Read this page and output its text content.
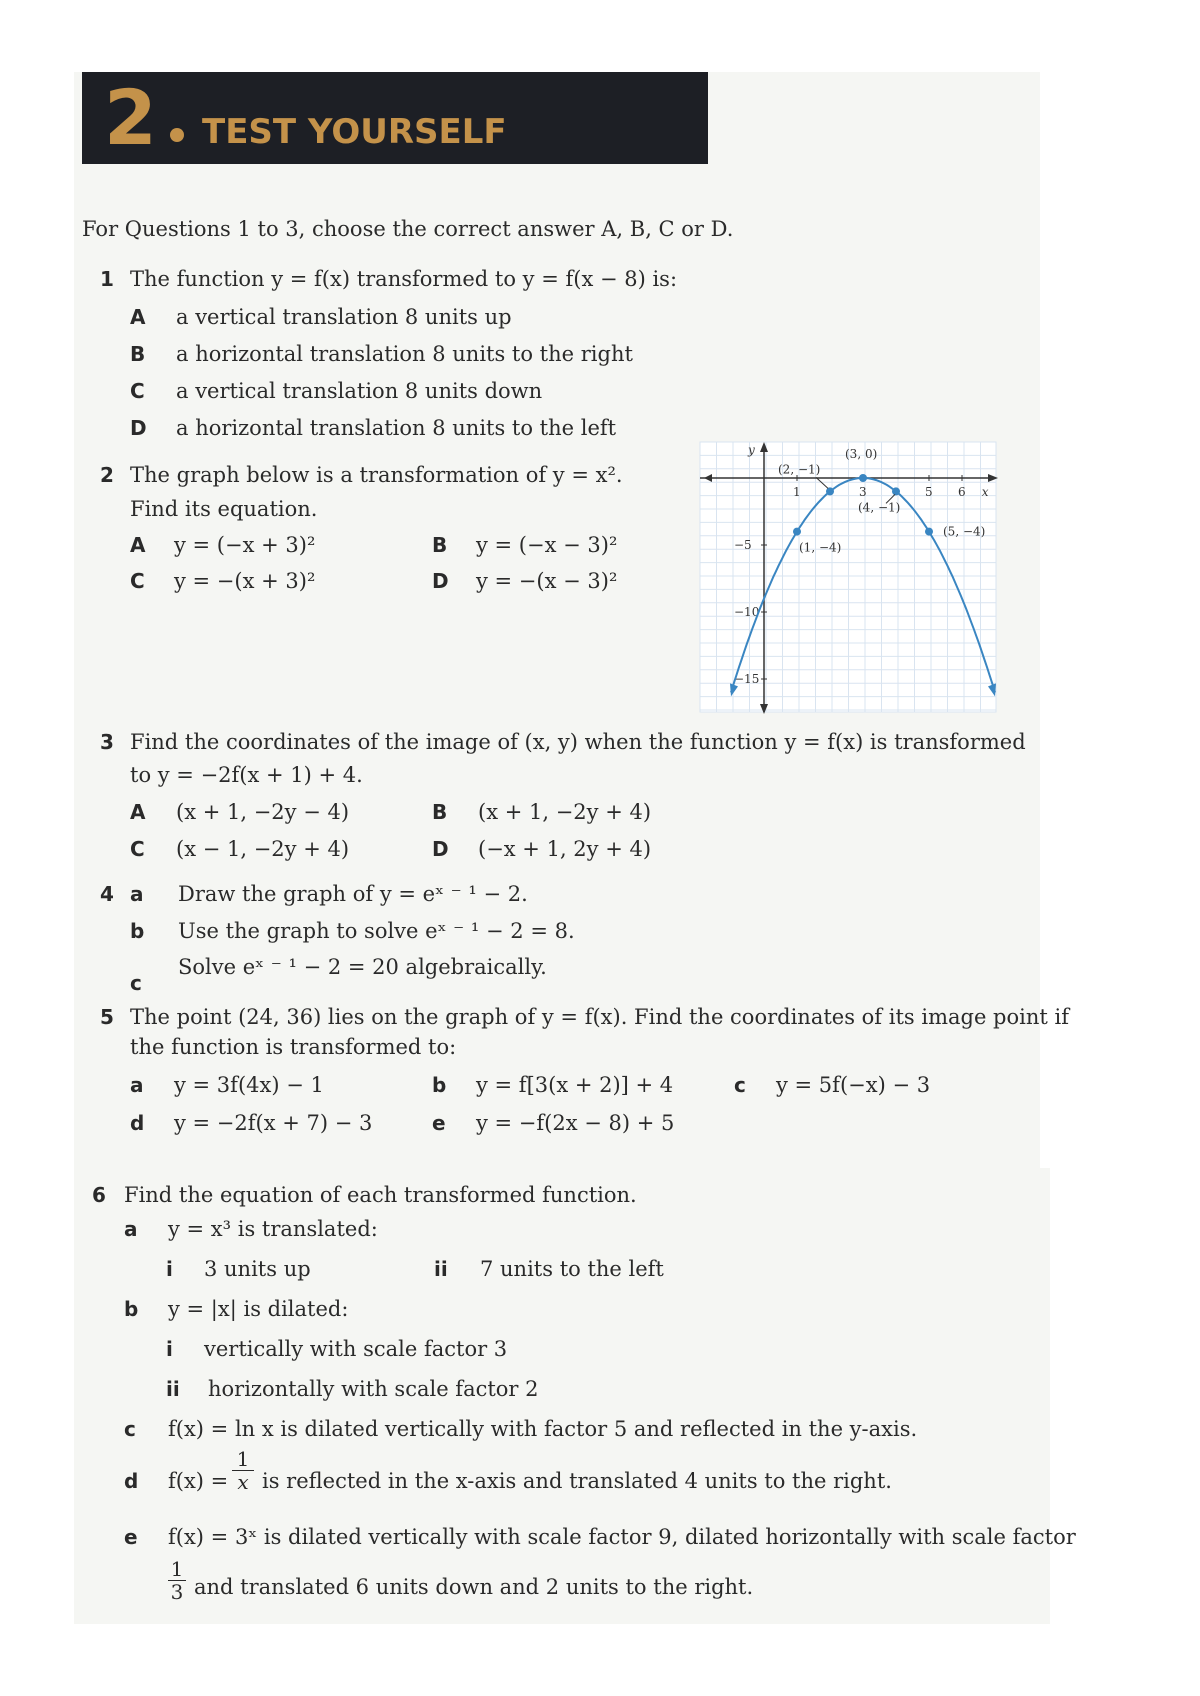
2 TEST YOURSELF
For Questions 1 to 3, choose the correct answer A, B, C or D.
1 The function y = f(x) transformed to y = f(x − 8) is:
A a vertical translation 8 units up
B a horizontal translation 8 units to the right
C a vertical translation 8 units down
D a horizontal translation 8 units to the left
2 The graph below is a transformation of y = x².
Find its equation.
A y = (−x + 3)²	B y = (−x − 3)²
C y = −(x + 3)²	D y = −(x − 3)²
y
x
1	3	5 6
−5
−10
−15
(1, −4)
(2, −1)
(3, 0)
(4, −1)
(5, −4)
3 Find the coordinates of the image of (x, y) when the function y = f(x) is transformed
to y = −2f(x + 1) + 4.
A (x + 1, −2y − 4)	B (x + 1, −2y + 4)
C (x − 1, −2y + 4)	D (−x + 1, 2y + 4)
4 a Draw the graph of y = eˣ ⁻ ¹ − 2.
b Use the graph to solve eˣ ⁻ ¹ − 2 = 8.
c
Solve eˣ ⁻ ¹ − 2 = 20 algebraically.
5 The point (24, 36) lies on the graph of y = f(x). Find the coordinates of its image point if
the function is transformed to:
a y = 3f(4x) − 1	b y = f[3(x + 2)] + 4	c y = 5f(−x) − 3
d y = −2f(x + 7) − 3	e y = −f(2x − 8) + 5
6 Find the equation of each transformed function.
a y = x³ is translated:
i 3 units up	ii 7 units to the left
b y = |x| is dilated:
i vertically with scale factor 3
ii horizontally with scale factor 2
c f(x) = ln x is dilated vertically with factor 5 and reflected in the y-axis.
d $f(x) = \frac{1}{x}$ is reflected in the x-axis and translated 4 units to the right.
e f(x) = 3ˣ is dilated vertically with scale factor 9, dilated horizontally with scale factor
$\frac{1}{3}$ and translated 6 units down and 2 units to the right.
